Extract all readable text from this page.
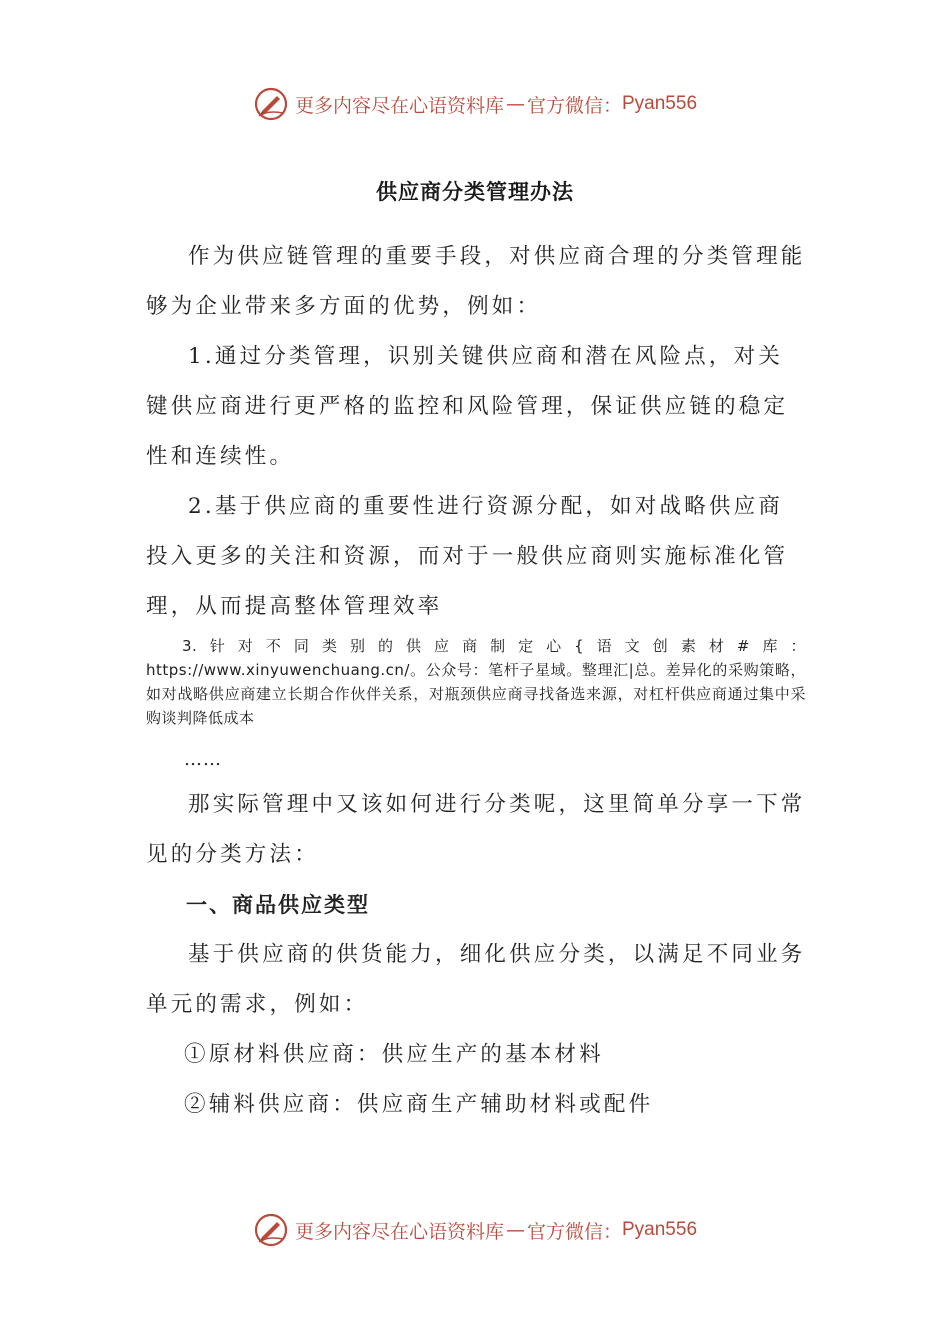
更多内容尽在心语资料库 — 官方微信： Pyan556
供应商分类管理办法

作为供应链管理的重要手段，对供应商合理的分类管理能够为企业带来多方面的优势，例如：

1.通过分类管理，识别关键供应商和潜在风险点，对关键供应商进行更严格的监控和风险管理，保证供应链的稳定性和连续性。

2.基于供应商的重要性进行资源分配，如对战略供应商投入更多的关注和资源，而对于一般供应商则实施标准化管理，从而提高整体管理效率

3.针对不同类别的供应商制定心{语文创素材#库：https://www.xinyuwenchuang.cn/。公众号：笔杆子星域。整理汇|总。差异化的采购策略，如对战略供应商建立长期合作伙伴关系，对瓶颈供应商寻找备选来源，对杠杆供应商通过集中采购谈判降低成本

……

那实际管理中又该如何进行分类呢，这里简单分享一下常见的分类方法：

一、商品供应类型

基于供应商的供货能力，细化供应分类，以满足不同业务单元的需求，例如：

①原材料供应商：供应生产的基本材料

②辅料供应商：供应商生产辅助材料或配件

更多内容尽在心语资料库 — 官方微信： Pyan556
